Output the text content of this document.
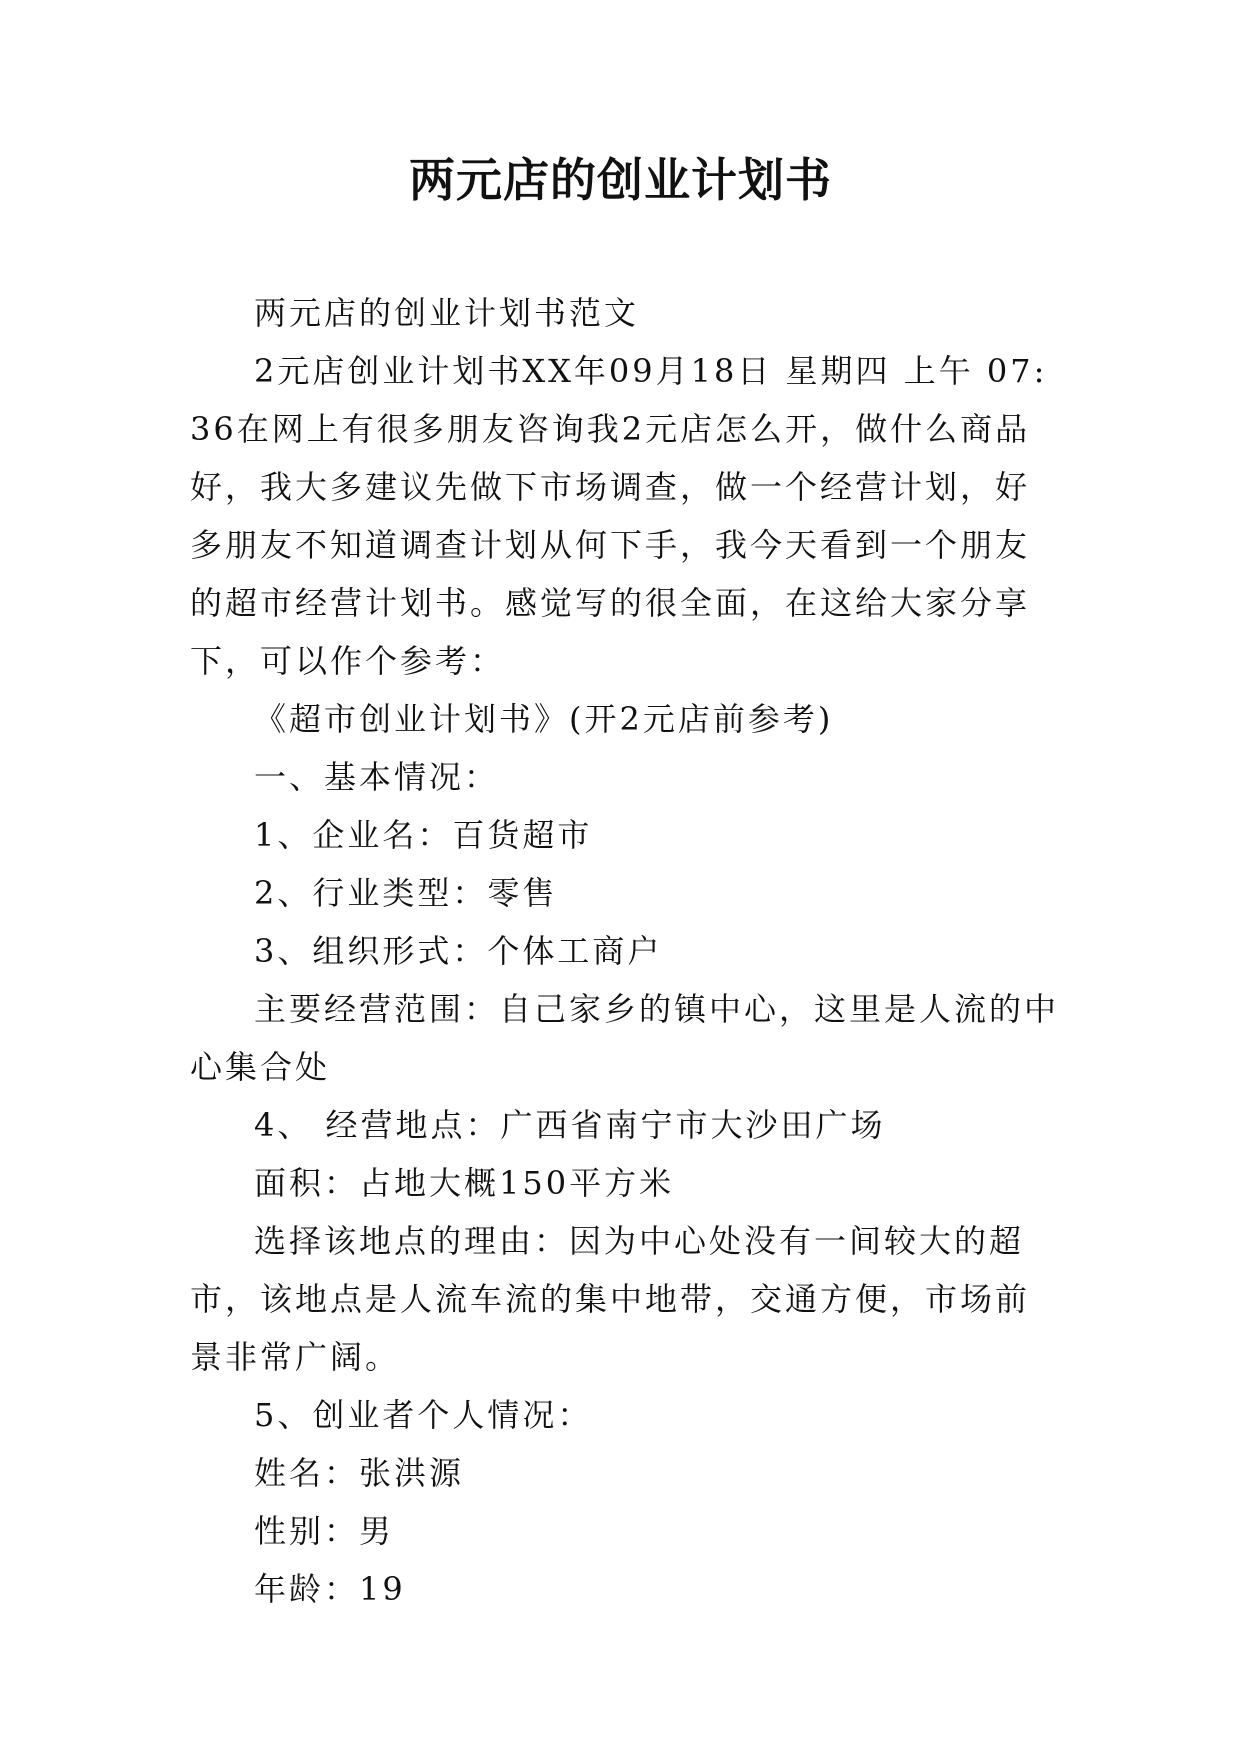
两元店的创业计划书

两元店的创业计划书范文

2元店创业计划书XX年09月18日 星期四 上午 07:36在网上有很多朋友咨询我2元店怎么开，做什么商品好，我大多建议先做下市场调查，做一个经营计划，好多朋友不知道调查计划从何下手，我今天看到一个朋友的超市经营计划书。感觉写的很全面，在这给大家分享下，可以作个参考：

《超市创业计划书》(开2元店前参考)

一、基本情况：

1、企业名：百货超市

2、行业类型：零售

3、组织形式：个体工商户

主要经营范围：自己家乡的镇中心，这里是人流的中心集合处

4、 经营地点：广西省南宁市大沙田广场

面积：占地大概150平方米

选择该地点的理由：因为中心处没有一间较大的超市，该地点是人流车流的集中地带，交通方便，市场前景非常广阔。

5、创业者个人情况：

姓名：张洪源

性别：男

年龄：19
